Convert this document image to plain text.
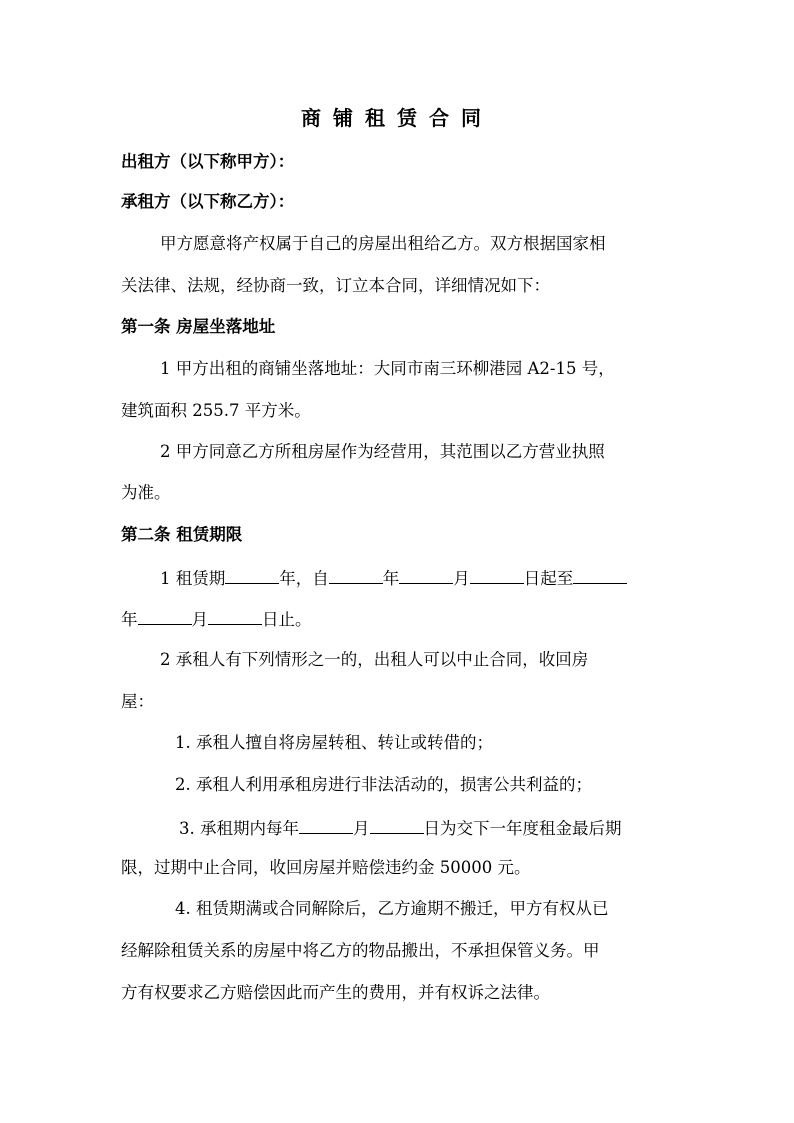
商铺租赁合同
出租方（以下称甲方）：
承租方（以下称乙方）：
甲方愿意将产权属于自己的房屋出租给乙方。双方根据国家相
关法律、法规，经协商一致，订立本合同，详细情况如下：
第一条 房屋坐落地址
1 甲方出租的商铺坐落地址：大同市南三环柳港园 A2-15 号，
建筑面积 255.7 平方米。
2 甲方同意乙方所租房屋作为经营用，其范围以乙方营业执照
为准。
第二条 租赁期限
1 租赁期	年，自	年	月	日起至
年	月	日止。
2 承租人有下列情形之一的，出租人可以中止合同，收回房
屋：
1. 承租人擅自将房屋转租、转让或转借的；
2. 承租人利用承租房进行非法活动的，损害公共利益的；
3. 承租期内每年	月	日为交下一年度租金最后期
限，过期中止合同，收回房屋并赔偿违约金 50000 元。
4. 租赁期满或合同解除后，乙方逾期不搬迁，甲方有权从已
经解除租赁关系的房屋中将乙方的物品搬出，不承担保管义务。甲
方有权要求乙方赔偿因此而产生的费用，并有权诉之法律。
